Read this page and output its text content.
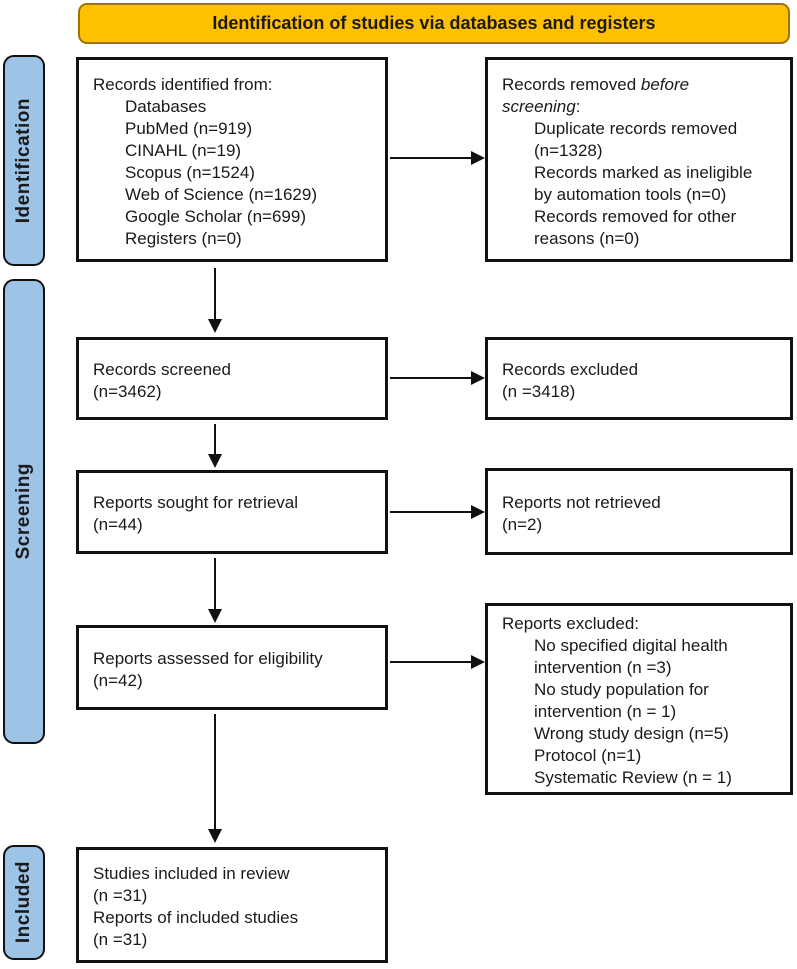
Identification of studies via databases and registers
Identification
Screening
Included
Records identified from:
Databases
PubMed (n=919)
CINAHL (n=19)
Scopus (n=1524)
Web of Science (n=1629)
Google Scholar (n=699)
Registers (n=0)
Records removed before
screening:
Duplicate records removed
(n=1328)
Records marked as ineligible
by automation tools (n=0)
Records removed for other
reasons (n=0)
Records screened
(n=3462)
Records excluded
(n =3418)
Reports sought for retrieval
(n=44)
Reports not retrieved
(n=2)
Reports assessed for eligibility
(n=42)
Reports excluded:
No specified digital health
intervention (n =3)
No study population for
intervention (n = 1)
Wrong study design (n=5)
Protocol (n=1)
Systematic Review (n = 1)
Studies included in review
(n =31)
Reports of included studies
(n =31)
